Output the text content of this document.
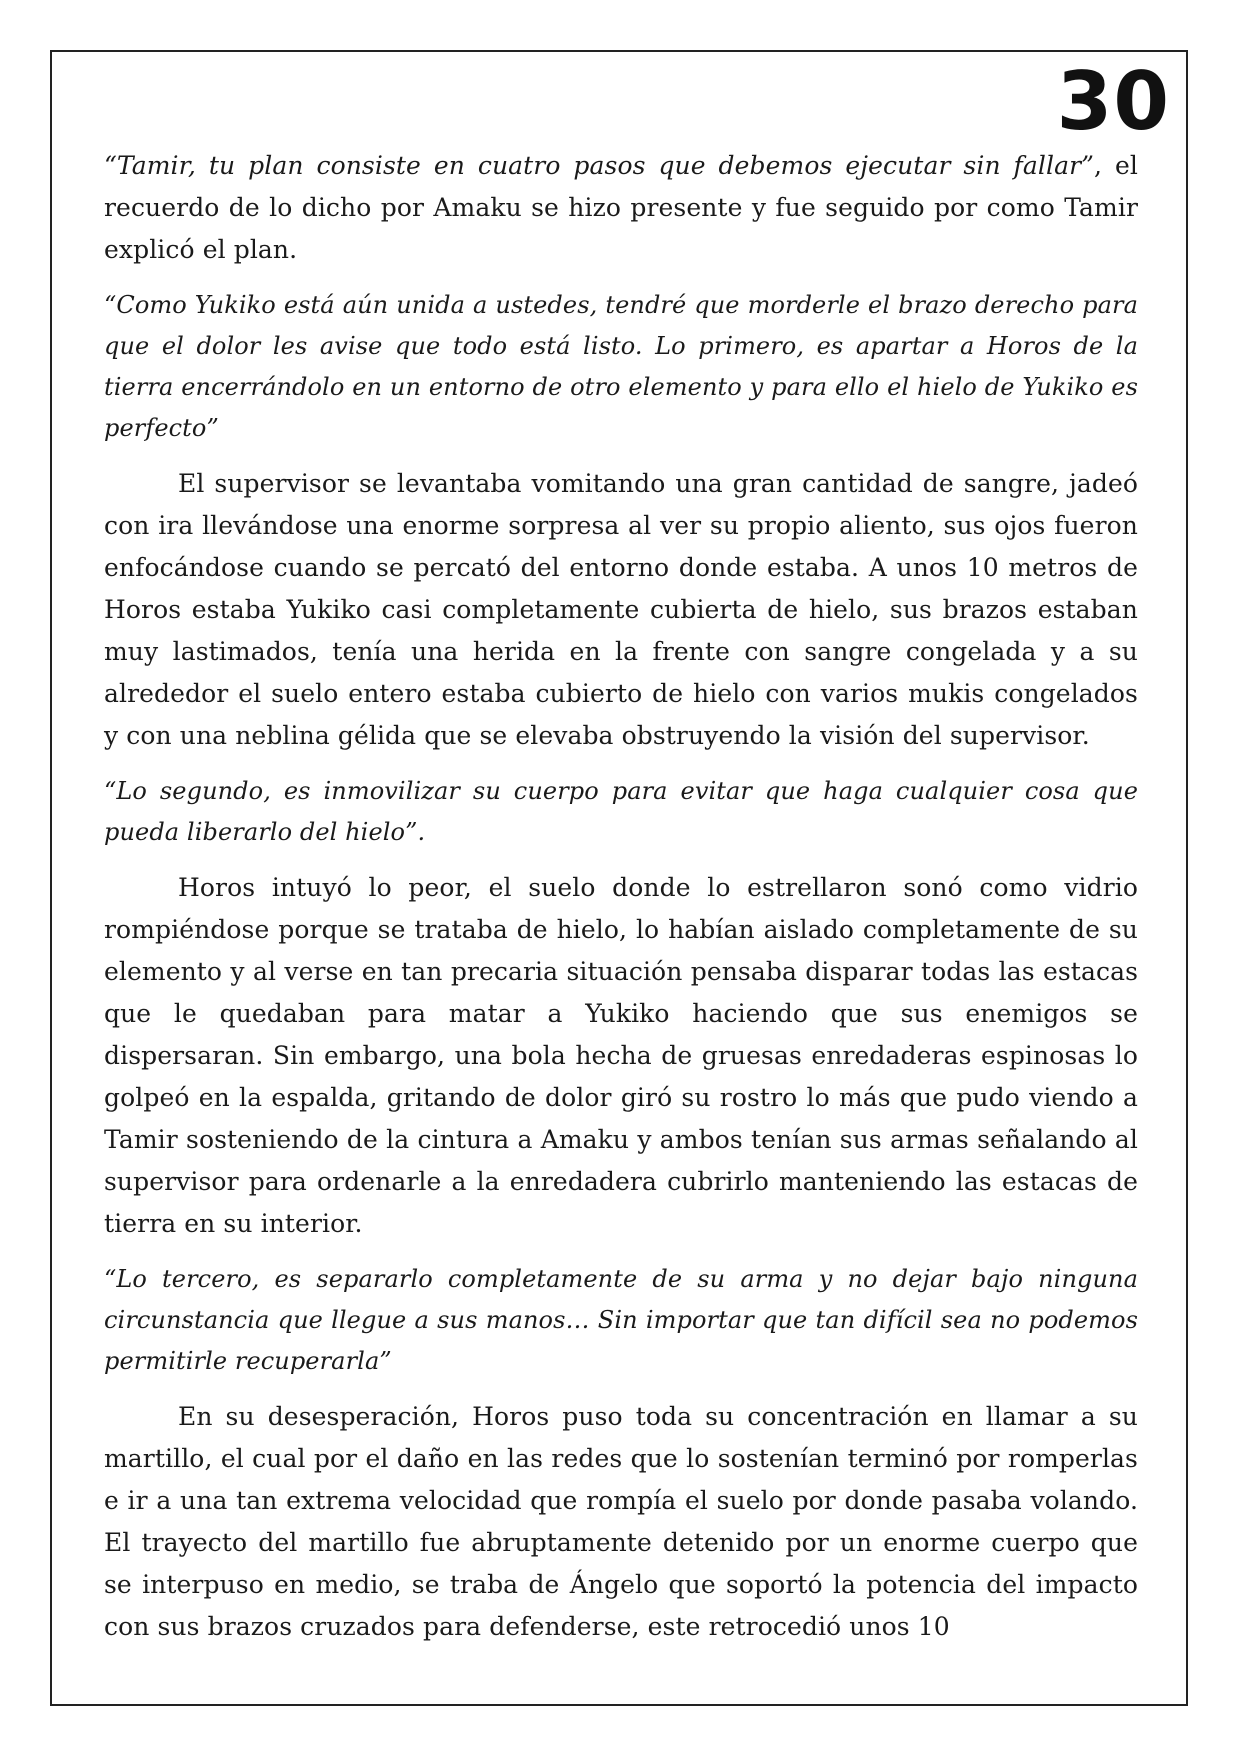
30

“Tamir, tu plan consiste en cuatro pasos que debemos ejecutar sin fallar”, el recuerdo de lo dicho por Amaku se hizo presente y fue seguido por como Tamir explicó el plan.

“Como Yukiko está aún unida a ustedes, tendré que morderle el brazo derecho para que el dolor les avise que todo está listo. Lo primero, es apartar a Horos de la tierra encerrándolo en un entorno de otro elemento y para ello el hielo de Yukiko es perfecto”

El supervisor se levantaba vomitando una gran cantidad de sangre, jadeó con ira llevándose una enorme sorpresa al ver su propio aliento, sus ojos fueron enfocándose cuando se percató del entorno donde estaba. A unos 10 metros de Horos estaba Yukiko casi completamente cubierta de hielo, sus brazos estaban muy lastimados, tenía una herida en la frente con sangre congelada y a su alrededor el suelo entero estaba cubierto de hielo con varios mukis congelados y con una neblina gélida que se elevaba obstruyendo la visión del supervisor.

“Lo segundo, es inmovilizar su cuerpo para evitar que haga cualquier cosa que pueda liberarlo del hielo”.

Horos intuyó lo peor, el suelo donde lo estrellaron sonó como vidrio rompiéndose porque se trataba de hielo, lo habían aislado completamente de su elemento y al verse en tan precaria situación pensaba disparar todas las estacas que le quedaban para matar a Yukiko haciendo que sus enemigos se dispersaran. Sin embargo, una bola hecha de gruesas enredaderas espinosas lo golpeó en la espalda, gritando de dolor giró su rostro lo más que pudo viendo a Tamir sosteniendo de la cintura a Amaku y ambos tenían sus armas señalando al supervisor para ordenarle a la enredadera cubrirlo manteniendo las estacas de tierra en su interior.

“Lo tercero, es separarlo completamente de su arma y no dejar bajo ninguna circunstancia que llegue a sus manos… Sin importar que tan difícil sea no podemos permitirle recuperarla”

En su desesperación, Horos puso toda su concentración en llamar a su martillo, el cual por el daño en las redes que lo sostenían terminó por romperlas e ir a una tan extrema velocidad que rompía el suelo por donde pasaba volando. El trayecto del martillo fue abruptamente detenido por un enorme cuerpo que se interpuso en medio, se traba de Ángelo que soportó la potencia del impacto con sus brazos cruzados para defenderse, este retrocedió unos 10
